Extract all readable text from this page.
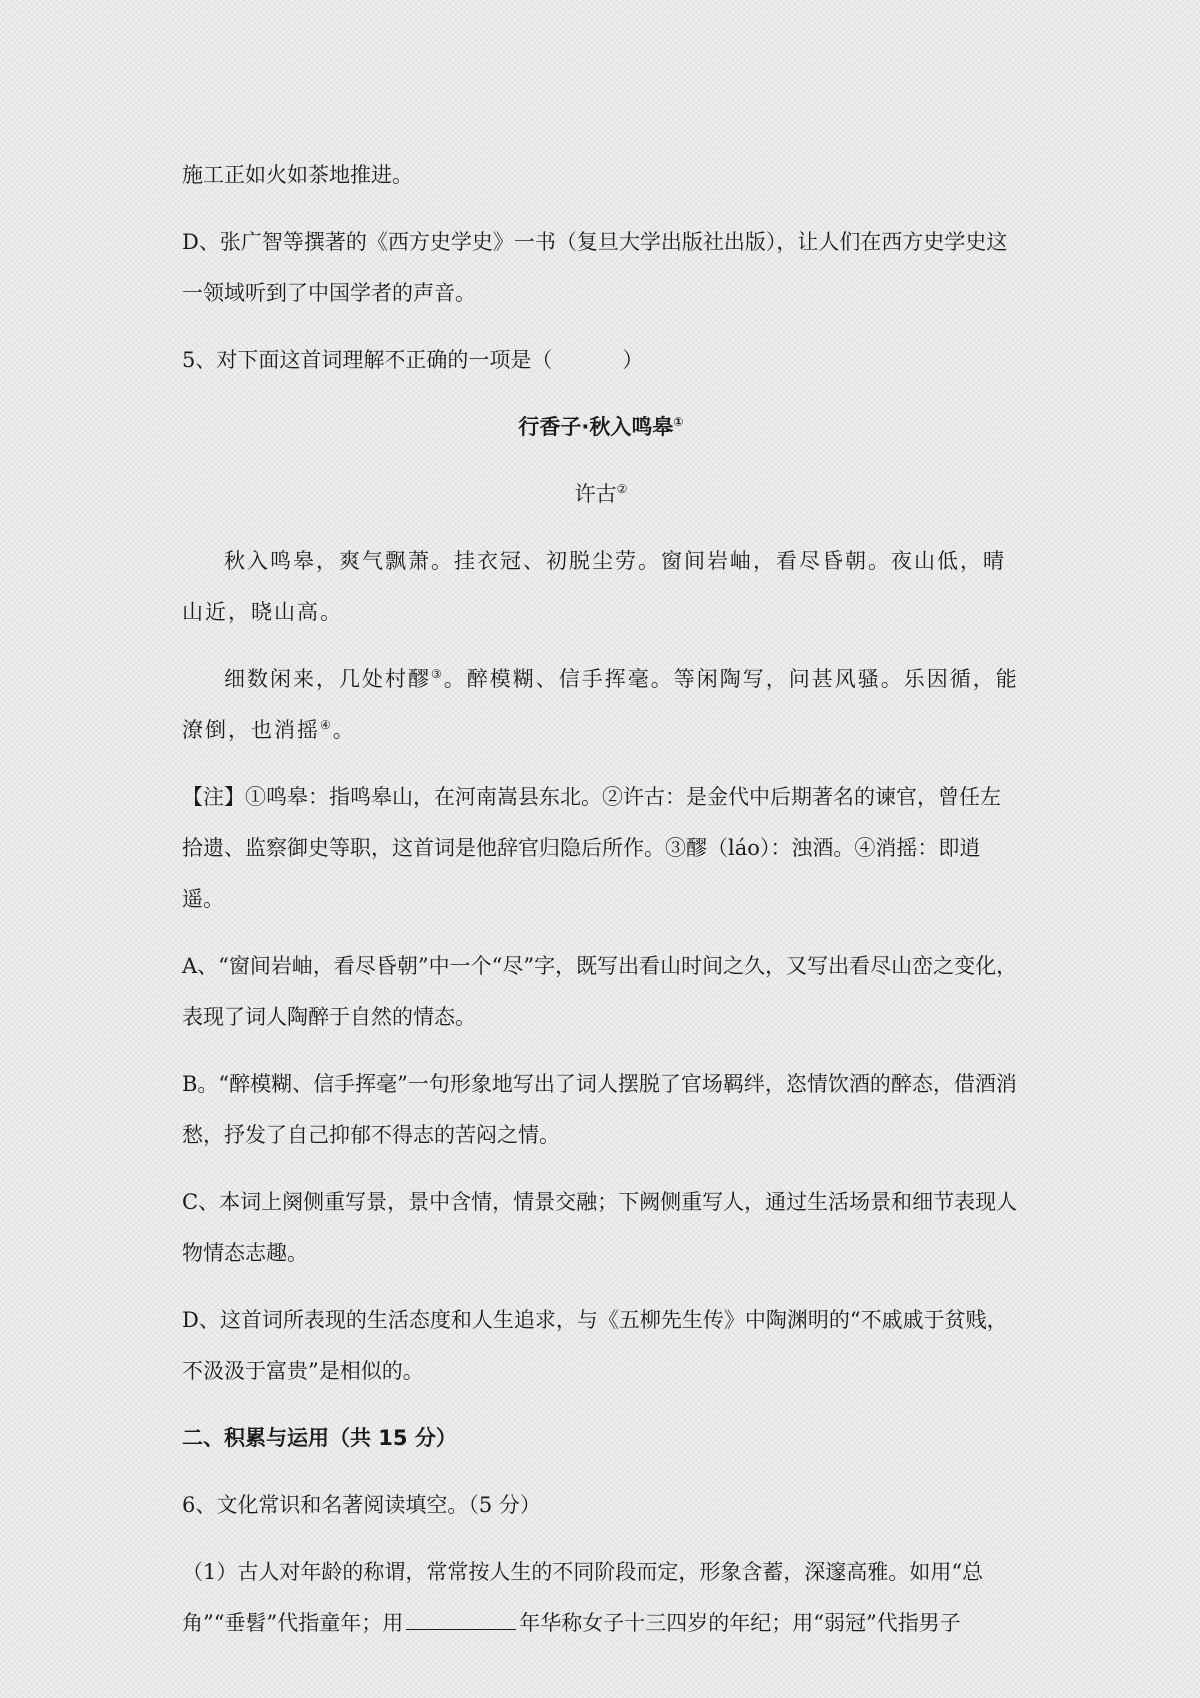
施工正如火如茶地推进。

D、张广智等撰著的《西方史学史》一书（复旦大学出版社出版），让人们在西方史学史这一领域听到了中国学者的声音。

5、对下面这首词理解不正确的一项是（	）

行香子·秋入鸣皋①

许古②

秋入鸣皋，爽气飘萧。挂衣冠、初脱尘劳。窗间岩岫，看尽昏朝。夜山低，晴山近，晓山高。

细数闲来，几处村醪③。醉模糊、信手挥毫。等闲陶写，问甚风骚。乐因循，能潦倒，也消摇④。

【注】①鸣皋：指鸣皋山，在河南嵩县东北。②许古：是金代中后期著名的谏官，曾任左拾遗、监察御史等职，这首词是他辞官归隐后所作。③醪（láo）：浊酒。④消摇：即逍遥。

A、“窗间岩岫，看尽昏朝”中一个“尽”字，既写出看山时间之久，又写出看尽山峦之变化，表现了词人陶醉于自然的情态。

B。“醉模糊、信手挥毫”一句形象地写出了词人摆脱了官场羁绊，恣情饮酒的醉态，借酒消愁，抒发了自己抑郁不得志的苦闷之情。

C、本词上阕侧重写景，景中含情，情景交融；下阙侧重写人，通过生活场景和细节表现人物情态志趣。

D、这首词所表现的生活态度和人生追求，与《五柳先生传》中陶渊明的“不戚戚于贫贱，不汲汲于富贵”是相似的。

二、积累与运用（共 15 分）

6、文化常识和名著阅读填空。（5 分）

（1）古人对年龄的称谓，常常按人生的不同阶段而定，形象含蓄，深邃高雅。如用“总角”“垂髫”代指童年；用	年华称女子十三四岁的年纪；用“弱冠”代指男子
